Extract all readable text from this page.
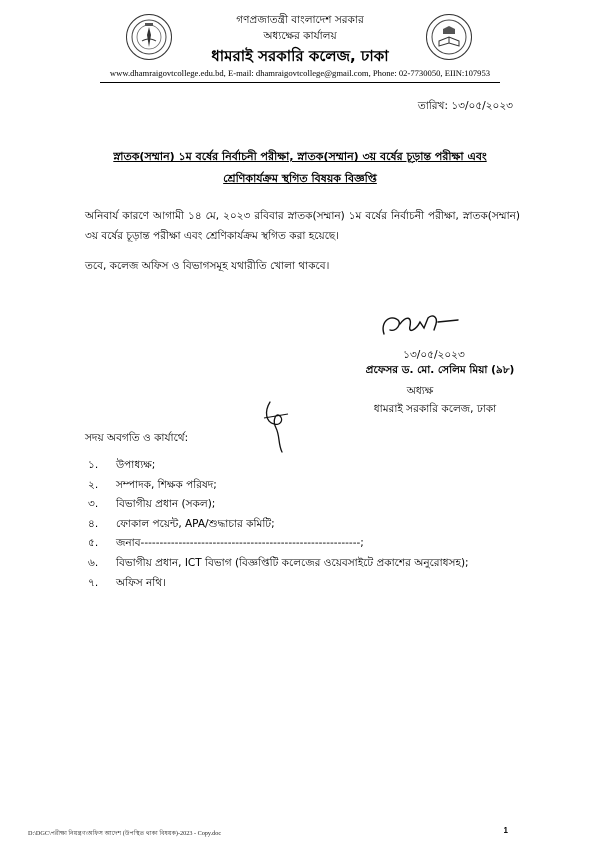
গণপ্রজাতন্ত্রী বাংলাদেশ সরকার
অধ্যক্ষের কার্যালয়
ধামরাই সরকারি কলেজ, ঢাকা
www.dhamraigovtcollege.edu.bd, E-mail: dhamraigovtcollege@gmail.com, Phone: 02-7730050, EIIN:107953
তারিখ: ১৩/০৫/২০২৩
স্নাতক(সম্মান) ১ম বর্ষের নির্বাচনী পরীক্ষা, স্নাতক(সম্মান) ৩য় বর্ষের চূড়ান্ত পরীক্ষা এবং
শ্রেণিকার্যক্রম স্থগিত বিষয়ক বিজ্ঞপ্তি
অনিবার্য কারণে আগামী ১৪ মে, ২০২৩ রবিবার স্নাতক(সম্মান) ১ম বর্ষের নির্বাচনী পরীক্ষা, স্নাতক(সম্মান) ৩য় বর্ষের চূড়ান্ত পরীক্ষা এবং শ্রেণিকার্যক্রম স্থগিত করা হয়েছে।
তবে, কলেজ অফিস ও বিভাগসমূহ যথারীতি খোলা থাকবে।
১৩/০৫/২০২৩
প্রফেসর ড. মো. সেলিম মিয়া (৯৮)
অধ্যক্ষ
ধামরাই সরকারি কলেজ, ঢাকা
সদয় অবগতি ও কার্যার্থে:
১.	উপাধ্যক্ষ;
২.	সম্পাদক, শিক্ষক পরিষদ;
৩.	বিভাগীয় প্রধান (সকল);
৪.	ফোকাল পয়েন্ট, APA/শুদ্ধাচার কমিটি;
৫.	জনাব----------------------------------------------------------;
৬.	বিভাগীয় প্রধান, ICT বিভাগ (বিজ্ঞপ্তিটি কলেজের ওয়েবসাইটে প্রকাশের অনুরোধসহ);
৭.	অফিস নথি।
D:\DGC\পরীক্ষা নিয়ন্ত্রণ\অফিস আদেশ (উপস্থিত থাকা বিষয়ক)-2023 - Copy.doc	1
